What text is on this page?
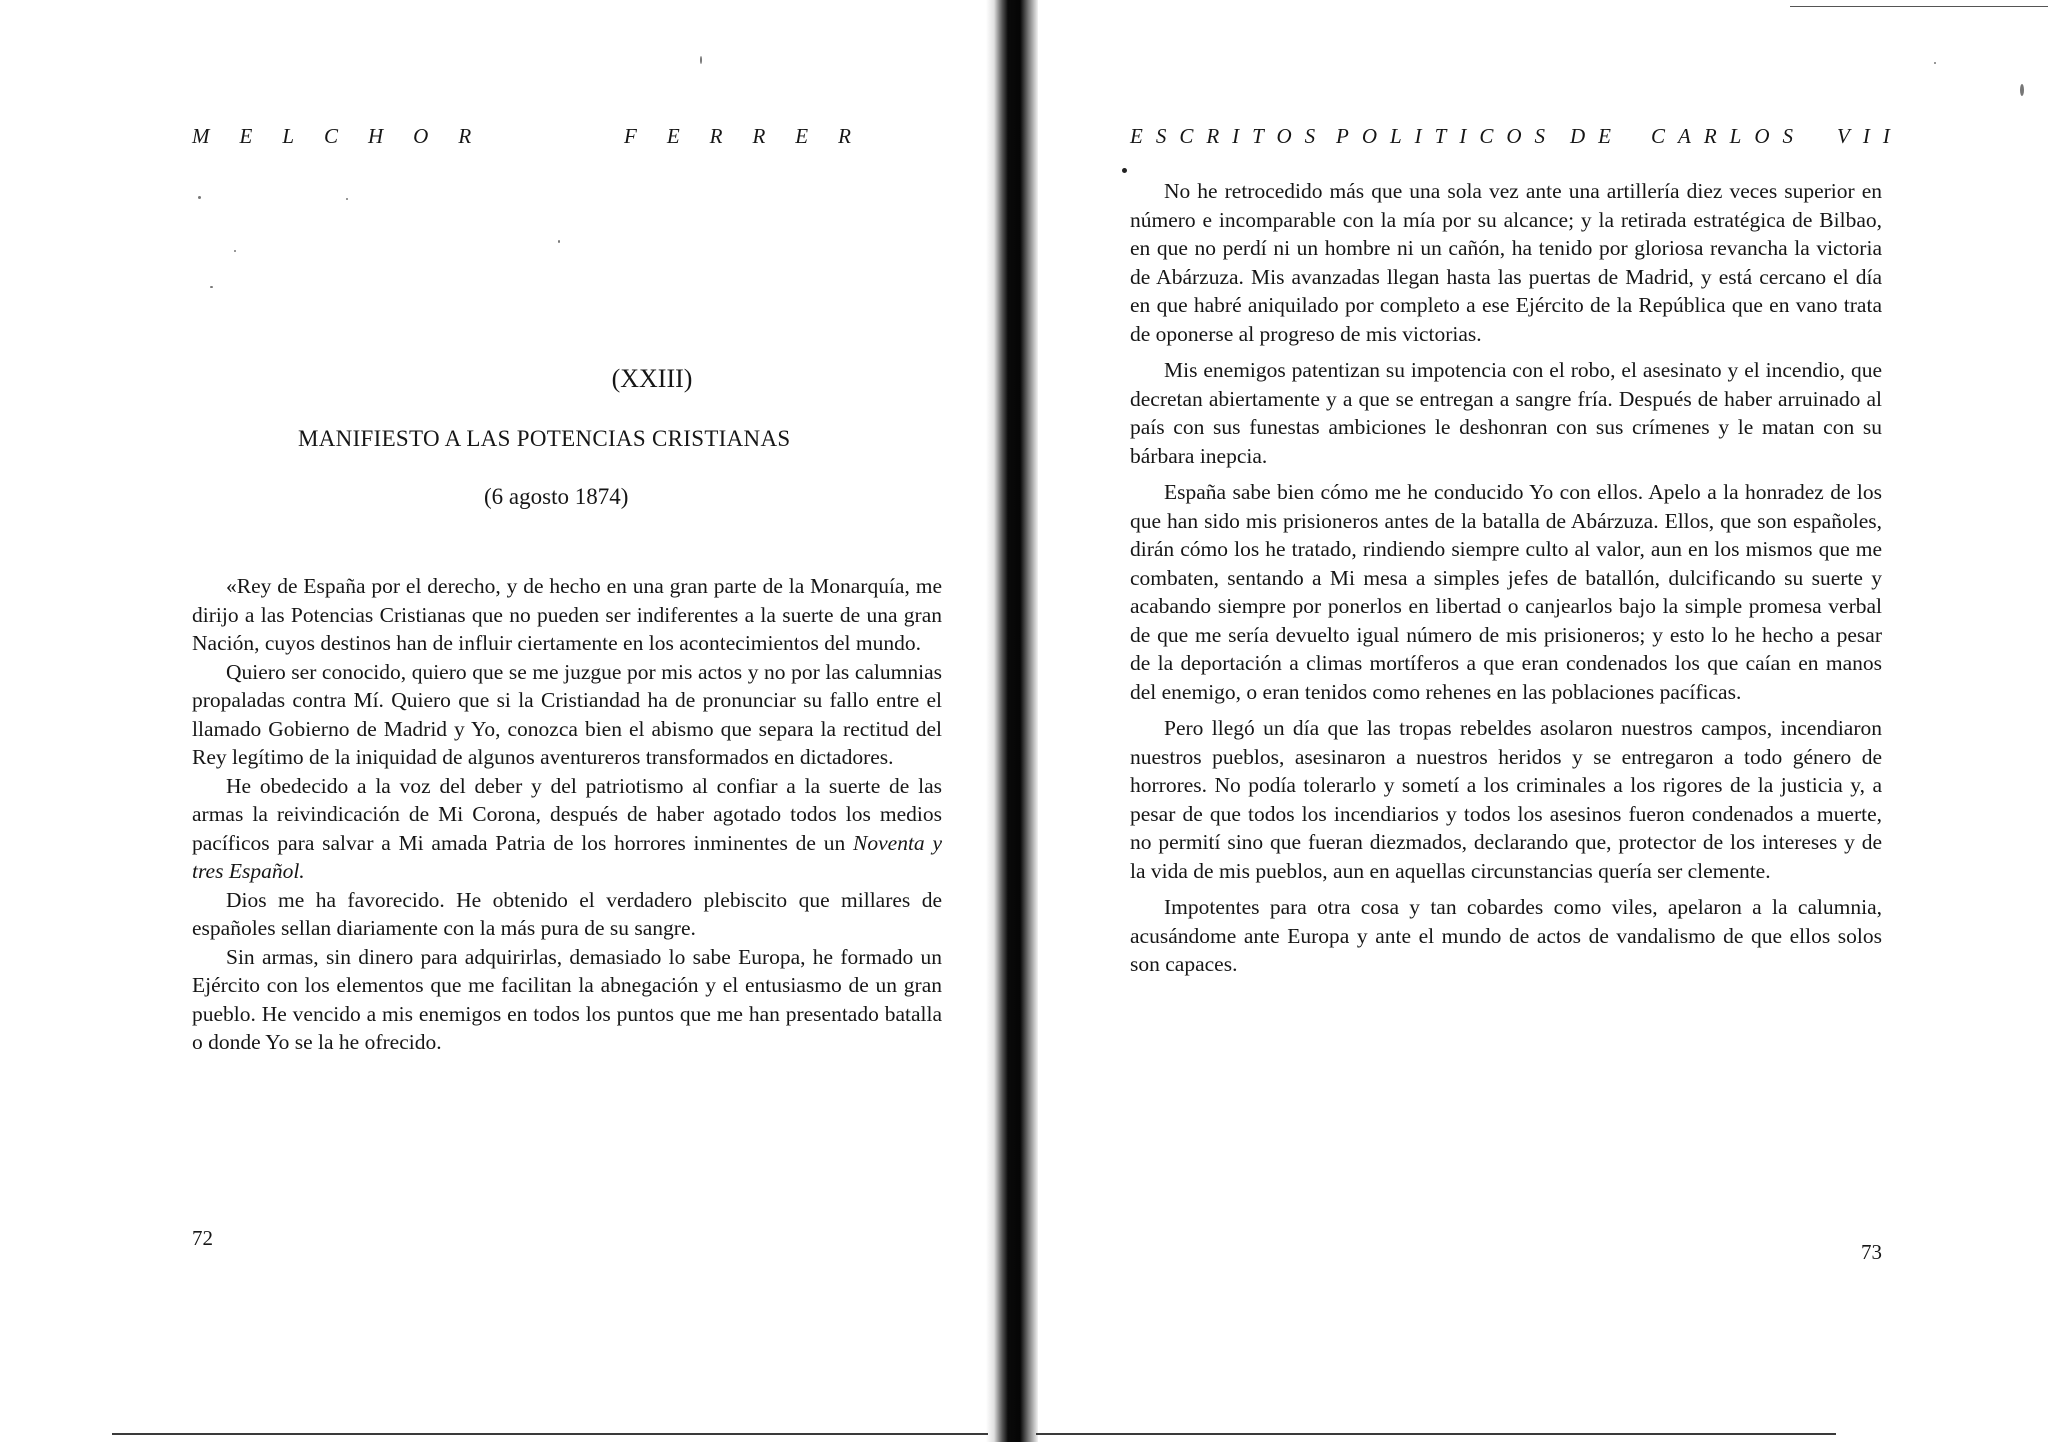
MELCHOR	FERRER
(XXIII)
MANIFIESTO A LAS POTENCIAS CRISTIANAS
(6 agosto 1874)

«Rey de España por el derecho, y de hecho en una gran parte de la Monarquía, me dirijo a las Potencias Cristianas que no pueden ser indiferentes a la suerte de una gran Nación, cuyos destinos han de influir ciertamente en los acontecimientos del mundo.

Quiero ser conocido, quiero que se me juzgue por mis actos y no por las calumnias propaladas contra Mí. Quiero que si la Cristiandad ha de pronunciar su fallo entre el llamado Gobierno de Madrid y Yo, conozca bien el abismo que separa la rectitud del Rey legítimo de la iniquidad de algunos aventureros transformados en dictadores.

He obedecido a la voz del deber y del patriotismo al confiar a la suerte de las armas la reivindicación de Mi Corona, después de haber agotado todos los medios pacíficos para salvar a Mi amada Patria de los horrores inminentes de un Noventa y tres Español.

Dios me ha favorecido. He obtenido el verdadero plebiscito que millares de españoles sellan diariamente con la más pura de su sangre.

Sin armas, sin dinero para adquirirlas, demasiado lo sabe Europa, he formado un Ejército con los elementos que me facilitan la abnegación y el entusiasmo de un gran pueblo. He vencido a mis enemigos en todos los puntos que me han presentado batalla o donde Yo se la he ofrecido.

72
ESCRITOS POLITICOS DE CARLOS VII

No he retrocedido más que una sola vez ante una artillería diez veces superior en número e incomparable con la mía por su alcance; y la retirada estratégica de Bilbao, en que no perdí ni un hombre ni un cañón, ha tenido por gloriosa revancha la victoria de Abárzuza. Mis avanzadas llegan hasta las puertas de Madrid, y está cercano el día en que habré aniquilado por completo a ese Ejército de la República que en vano trata de oponerse al progreso de mis victorias.

Mis enemigos patentizan su impotencia con el robo, el asesinato y el incendio, que decretan abiertamente y a que se entregan a sangre fría. Después de haber arruinado al país con sus funestas ambiciones le deshonran con sus crímenes y le matan con su bárbara inepcia.

España sabe bien cómo me he conducido Yo con ellos. Apelo a la honradez de los que han sido mis prisioneros antes de la batalla de Abárzuza. Ellos, que son españoles, dirán cómo los he tratado, rindiendo siempre culto al valor, aun en los mismos que me combaten, sentando a Mi mesa a simples jefes de batallón, dulcificando su suerte y acabando siempre por ponerlos en libertad o canjearlos bajo la simple promesa verbal de que me sería devuelto igual número de mis prisioneros; y esto lo he hecho a pesar de la deportación a climas mortíferos a que eran condenados los que caían en manos del enemigo, o eran tenidos como rehenes en las poblaciones pacíficas.

Pero llegó un día que las tropas rebeldes asolaron nuestros campos, incendiaron nuestros pueblos, asesinaron a nuestros heridos y se entregaron a todo género de horrores. No podía tolerarlo y sometí a los criminales a los rigores de la justicia y, a pesar de que todos los incendiarios y todos los asesinos fueron condenados a muerte, no permití sino que fueran diezmados, declarando que, protector de los intereses y de la vida de mis pueblos, aun en aquellas circunstancias quería ser clemente.

Impotentes para otra cosa y tan cobardes como viles, apelaron a la calumnia, acusándome ante Europa y ante el mundo de actos de vandalismo de que ellos solos son capaces.

73
